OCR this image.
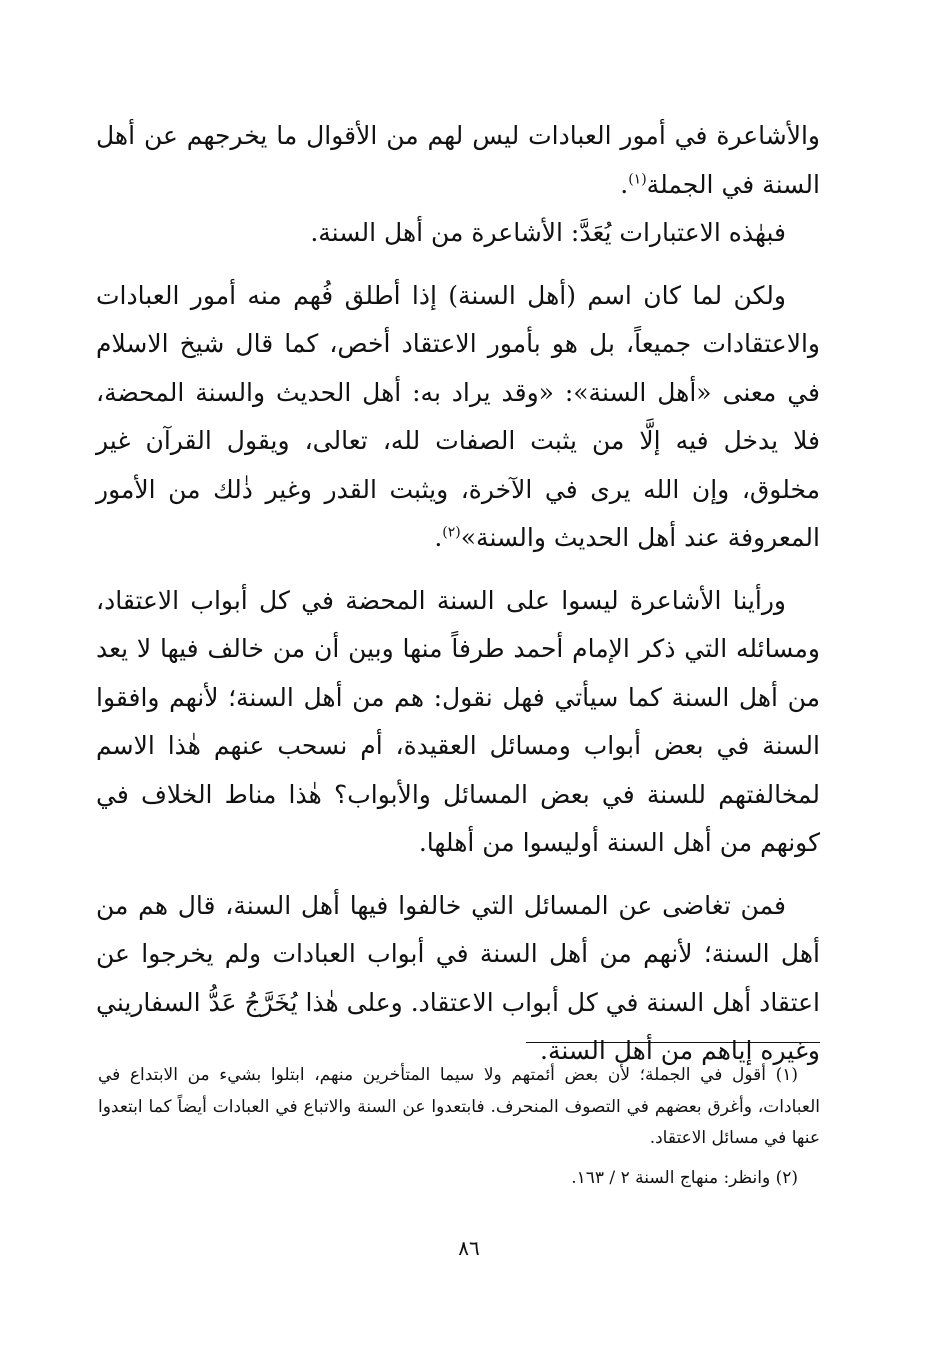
والأشاعرة في أمور العبادات ليس لهم من الأقوال ما يخرجهم عن أهل السنة في الجملة$^{(١)}$.

فبهٰذه الاعتبارات يُعَدَّ: الأشاعرة من أهل السنة.

ولكن لما كان اسم (أهل السنة) إذا أطلق فُهم منه أمور العبادات والاعتقادات جميعاً، بل هو بأمور الاعتقاد أخص، كما قال شيخ الاسلام في معنى «أهل السنة»: «وقد يراد به: أهل الحديث والسنة المحضة، فلا يدخل فيه إلَّا من يثبت الصفات لله، تعالى، ويقول القرآن غير مخلوق، وإن الله يرى في الآخرة، ويثبت القدر وغير ذٰلك من الأمور المعروفة عند أهل الحديث والسنة»$^{(٢)}$.

ورأينا الأشاعرة ليسوا على السنة المحضة في كل أبواب الاعتقاد، ومسائله التي ذكر الإمام أحمد طرفاً منها وبين أن من خالف فيها لا يعد من أهل السنة كما سيأتي فهل نقول: هم من أهل السنة؛ لأنهم وافقوا السنة في بعض أبواب ومسائل العقيدة، أم نسحب عنهم هٰذا الاسم لمخالفتهم للسنة في بعض المسائل والأبواب؟ هٰذا مناط الخلاف في كونهم من أهل السنة أوليسوا من أهلها.

فمن تغاضى عن المسائل التي خالفوا فيها أهل السنة، قال هم من أهل السنة؛ لأنهم من أهل السنة في أبواب العبادات ولم يخرجوا عن اعتقاد أهل السنة في كل أبواب الاعتقاد. وعلى هٰذا يُخَرَّجُ عَدُّ السفاريني وغيره إياهم من أهل السنة.

(١) أقول في الجملة؛ لأن بعض أئمتهم ولا سيما المتأخرين منهم، ابتلوا بشيء من الابتداع في العبادات، وأغرق بعضهم في التصوف المنحرف. فابتعدوا عن السنة والاتباع في العبادات أيضاً كما ابتعدوا عنها في مسائل الاعتقاد.

(٢) وانظر: منهاج السنة ٢ / ١٦٣.

٨٦
